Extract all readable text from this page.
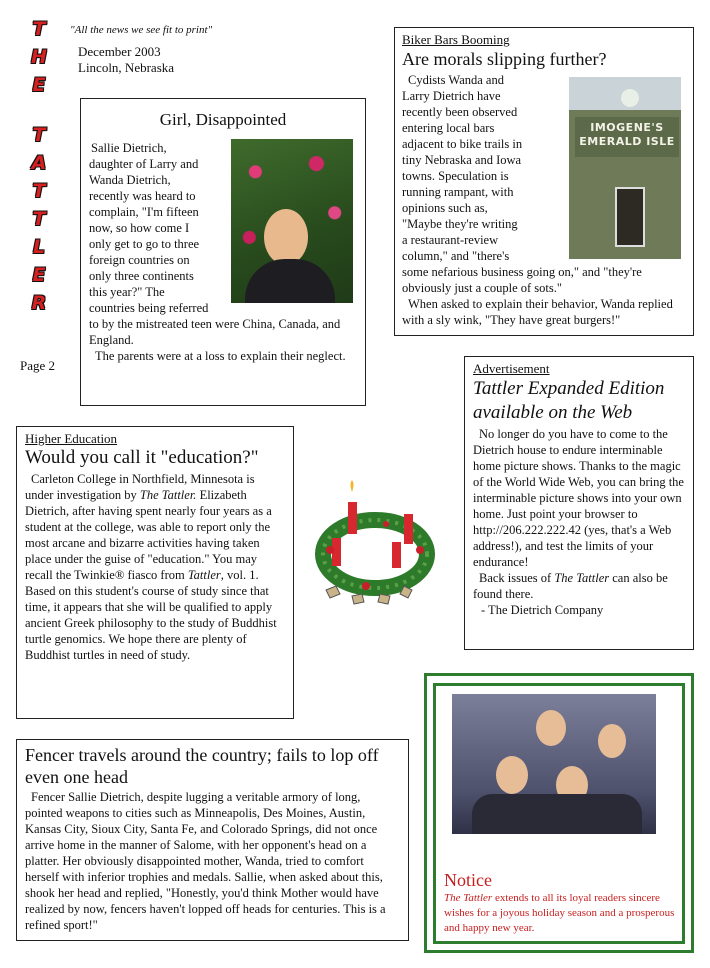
T
H
E
T
A
T
T
L
E
R
"All the news we see fit to print"
December 2003
Lincoln, Nebraska
Page 2
Girl, Disappointed

Sallie Dietrich, daughter of Larry and Wanda Dietrich, recently was heard to complain, "I'm fifteen now, so how come I only get to go to three foreign countries on only three continents this year?" The countries being referred to by the mistreated teen were China, Canada, and England.

The parents were at a loss to explain their neglect.

Biker Bars Booming
Are morals slipping further?
IMOGENE'S EMERALD ISLE

Cydists Wanda and Larry Dietrich have recently been observed entering local bars adjacent to bike trails in tiny Nebraska and Iowa towns. Speculation is running rampant, with opinions such as, "Maybe they're writing a restaurant-review column," and "there's some nefarious business going on," and "they're obviously just a couple of sots."

When asked to explain their behavior, Wanda replied with a sly wink, "They have great burgers!"

Higher Education
Would you call it "education?"
Carleton College in Northfield, Minnesota is under investigation by The Tattler. Elizabeth Dietrich, after having spent nearly four years as a student at the college, was able to report only the most arcane and bizarre activities having taken place under the guise of "education." You may recall the Twinkie® fiasco from Tattler, vol. 1. Based on this student's course of study since that time, it appears that she will be qualified to apply ancient Greek philosophy to the study of Buddhist turtle genomics. We hope there are plenty of Buddhist turtles in need of study.
Advertisement
Tattler Expanded Edition available on the Web

No longer do you have to come to the Dietrich house to endure interminable home picture shows. Thanks to the magic of the World Wide Web, you can bring the interminable picture shows into your own home. Just point your browser to http://206.222.222.42 (yes, that's a Web address!), and test the limits of your endurance!

Back issues of The Tattler can also be found there.

- The Dietrich Company

Fencer travels around the country; fails to lop off even one head
Fencer Sallie Dietrich, despite lugging a veritable armory of long, pointed weapons to cities such as Minneapolis, Des Moines, Austin, Kansas City, Sioux City, Santa Fe, and Colorado Springs, did not once arrive home in the manner of Salome, with her opponent's head on a platter. Her obviously disappointed mother, Wanda, tried to comfort herself with inferior trophies and medals. Sallie, when asked about this, shook her head and replied, "Honestly, you'd think Mother would have realized by now, fencers haven't lopped off heads for centuries. This is a refined sport!"
Notice
The Tattler extends to all its loyal readers sincere wishes for a joyous holiday season and a prosperous and happy new year.
